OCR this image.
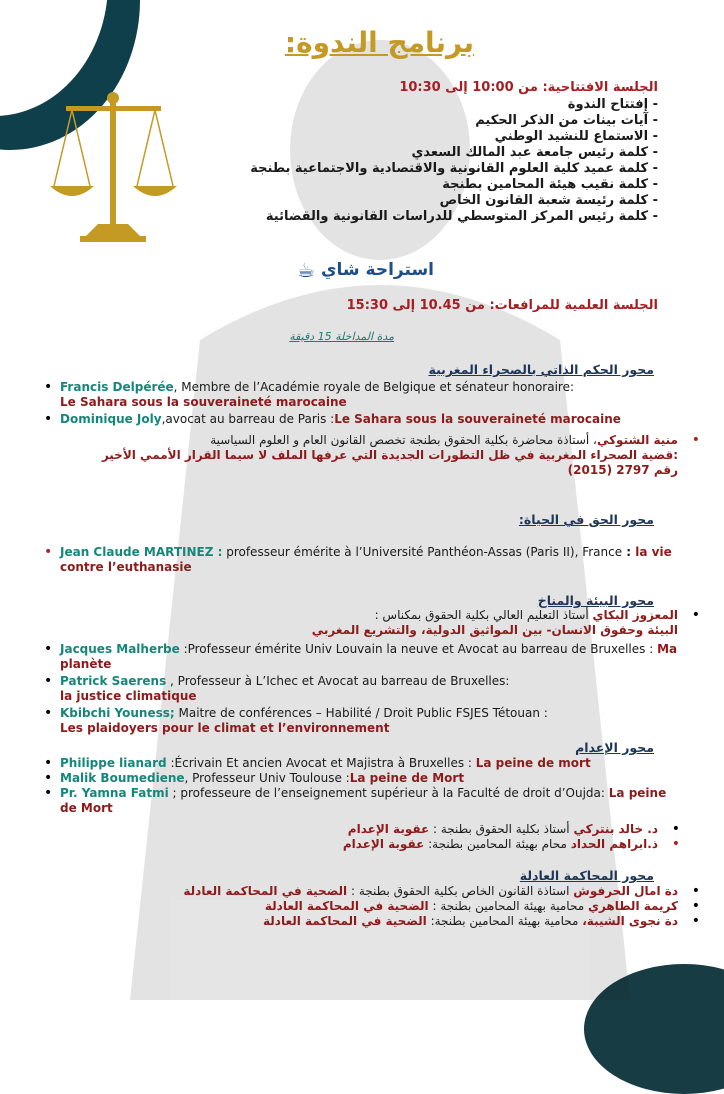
برنامج الندوة:
الجلسة الافتتاحية: من 10:00 إلى 10:30
- إفتتاح الندوة
- آيات بينات من الذكر الحكيم
- الاستماع للنشيد الوطني
- كلمة رئيس جامعة عبد المالك السعدي
- كلمة عميد كلية العلوم القانونية والاقتصادية والاجتماعية بطنجة
- كلمة نقيب هيئة المحامين بطنجة
- كلمة رئيسة شعبة القانون الخاص
- كلمة رئيس المركز المتوسطي للدراسات القانونية والقضائية
استراحة شاي
☕
الجلسة العلمية للمرافعات: من 10.45 إلى 15:30
مدة المداخلة 15 دقيقة
محور الحكم الذاتي بالصحراء المغربية
• Francis Delpérée, Membre de l’Académie royale de Belgique et sénateur honoraire:
Le Sahara sous la souveraineté marocaine
• Dominique Joly,avocat au barreau de Paris :Le Sahara sous la souveraineté marocaine
•
منية الشتوكي، أستاذة محاضرة بكلية الحقوق بطنجة تخصص القانون العام و العلوم السياسية
:قضية الصحراء المغربية في ظل التطورات الجديدة التي عرفها الملف لا سيما القرار الأممي الأخير رقم 2797 (2015)
محور الحق في الحياة:
• Jean Claude MARTINEZ : professeur émérite à l’Université Panthéon-Assas (Paris II), France : la vie contre l’euthanasie
محور البيئة والمناخ
•
المعزوز البكاي أستاذ التعليم العالي بكلية الحقوق بمكناس :
البيئة وحقوق الانسان- بين المواثيق الدولية، والتشريع المغربي
• Jacques Malherbe :Professeur émérite Univ Louvain la neuve et Avocat au barreau de Bruxelles : Ma planète
• Patrick Saerens , Professeur à L’Ichec et Avocat au barreau de Bruxelles:
la justice climatique
• Kbibchi Youness; Maitre de conférences – Habilité / Droit Public FSJES Tétouan :
Les plaidoyers pour le climat et l’environnement
محور الإعدام
• Philippe lianard :Écrivain Et ancien Avocat et Majistra à Bruxelles : La peine de mort
• Malik Boumediene, Professeur Univ Toulouse :La peine de Mort
• Pr. Yamna Fatmi ; professeure de l’enseignement supérieur à la Faculté de droit d’Oujda: La peine de Mort
•
د. خالد بنتركي أستاذ بكلية الحقوق بطنجة : عقوبة الإعدام
•
ذ.ابراهم الحداد محام بهيئة المحامين بطنجة: عقوبة الإعدام
محور المحاكمة العادلة
•
دة امال الحرفوش استاذة القانون الخاص بكلية الحقوق بطنجة : الضحية في المحاكمة العادلة
•
كريمة الطاهري محامية بهيئة المحامين بطنجة : الضحية في المحاكمة العادلة
•
دة نجوى الشيبة، محامية بهيئة المحامين بطنجة: الضحية في المحاكمة العادلة
